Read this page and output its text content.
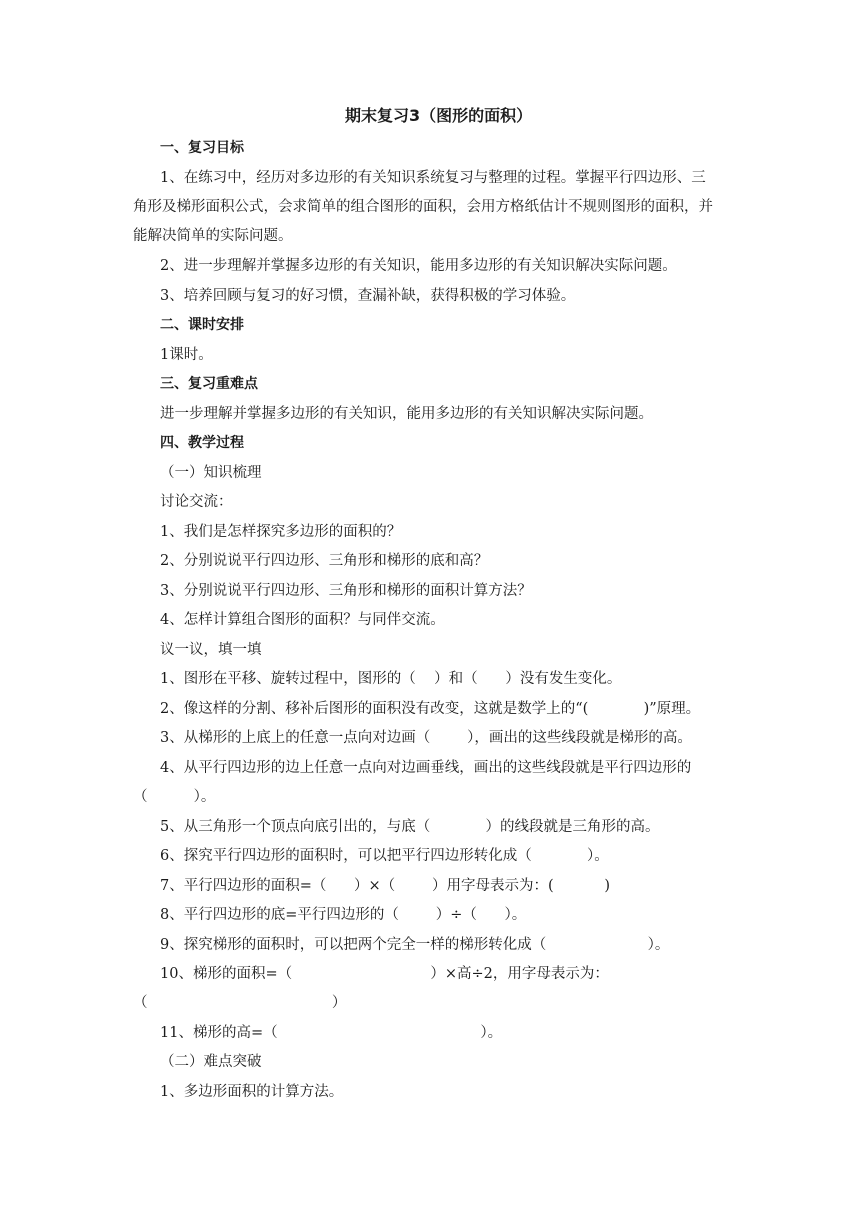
期末复习3（图形的面积）
一、复习目标
1、在练习中，经历对多边形的有关知识系统复习与整理的过程。掌握平行四边形、三
角形及梯形面积公式，会求简单的组合图形的面积，会用方格纸估计不规则图形的面积，并
能解决简单的实际问题。
2、进一步理解并掌握多边形的有关知识，能用多边形的有关知识解决实际问题。
3、培养回顾与复习的好习惯，查漏补缺，获得积极的学习体验。
二、课时安排
1课时。
三、复习重难点
进一步理解并掌握多边形的有关知识，能用多边形的有关知识解决实际问题。
四、教学过程
（一）知识梳理
讨论交流：
1、我们是怎样探究多边形的面积的？
2、分别说说平行四边形、三角形和梯形的底和高？
3、分别说说平行四边形、三角形和梯形的面积计算方法？
4、怎样计算组合图形的面积？与同伴交流。
议一议，填一填
1、图形在平移、旋转过程中，图形的（    ）和（      ）没有发生变化。
2、像这样的分割、移补后图形的面积没有改变，这就是数学上的“(            )”原理。
3、从梯形的上底上的任意一点向对边画（        ），画出的这些线段就是梯形的高。
4、从平行四边形的边上任意一点向对边画垂线，画出的这些线段就是平行四边形的
（          ）。
5、从三角形一个顶点向底引出的，与底（            ）的线段就是三角形的高。
6、探究平行四边形的面积时，可以把平行四边形转化成（            ）。
7、平行四边形的面积=（      ）×（        ）用字母表示为：(           )
8、平行四边形的底=平行四边形的（        ）÷（      ）。
9、探究梯形的面积时，可以把两个完全一样的梯形转化成（                      ）。
10、梯形的面积=（                              ）×高÷2，用字母表示为：
（                                        ）
11、梯形的高=（                                            ）。
（二）难点突破
1、多边形面积的计算方法。
